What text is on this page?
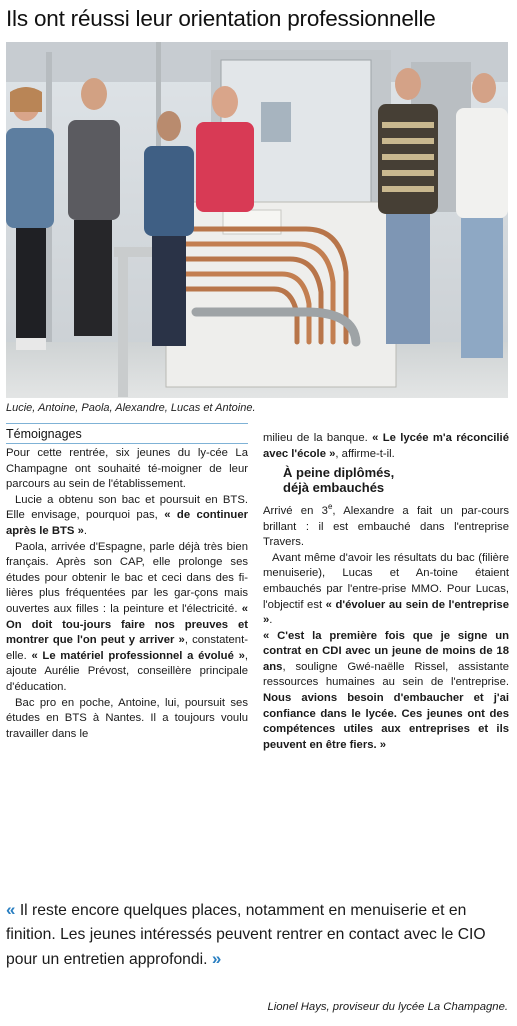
Ils ont réussi leur orientation professionnelle
Lucie, Antoine, Paola, Alexandre, Lucas et Antoine.
Témoignages

Pour cette rentrée, six jeunes du ly-cée La Champagne ont souhaité té-moigner de leur parcours au sein de l'établissement.

Lucie a obtenu son bac et poursuit en BTS. Elle envisage, pourquoi pas, « de continuer après le BTS ».

Paola, arrivée d'Espagne, parle déjà très bien français. Après son CAP, elle prolonge ses études pour obtenir le bac et ceci dans des fi-lières plus fréquentées par les gar-çons mais ouvertes aux filles : la peinture et l'électricité. « On doit tou-jours faire nos preuves et montrer que l'on peut y arriver », constatent-elle. « Le matériel professionnel a évolué », ajoute Aurélie Prévost, conseillère principale d'éducation.

Bac pro en poche, Antoine, lui, poursuit ses études en BTS à Nantes. Il a toujours voulu travailler dans le

milieu de la banque. « Le lycée m'a réconcilié avec l'école », affirme-t-il.

À peine diplômés,
déjà embauchés

Arrivé en 3e, Alexandre a fait un par-cours brillant : il est embauché dans l'entreprise Travers.

Avant même d'avoir les résultats du bac (filière menuiserie), Lucas et An-toine étaient embauchés par l'entre-prise MMO. Pour Lucas, l'objectif est « d'évoluer au sein de l'entreprise ».

« C'est la première fois que je signe un contrat en CDI avec un jeune de moins de 18 ans, souligne Gwé-naëlle Rissel, assistante ressources humaines au sein de l'entreprise. Nous avions besoin d'embaucher et j'ai confiance dans le lycée. Ces jeunes ont des compétences utiles aux entreprises et ils peuvent en être fiers. »

« Il reste encore quelques places, notamment en menuiserie et en finition. Les jeunes intéressés peuvent rentrer en contact avec le CIO pour un entretien approfondi. »
Lionel Hays, proviseur du lycée La Champagne.
